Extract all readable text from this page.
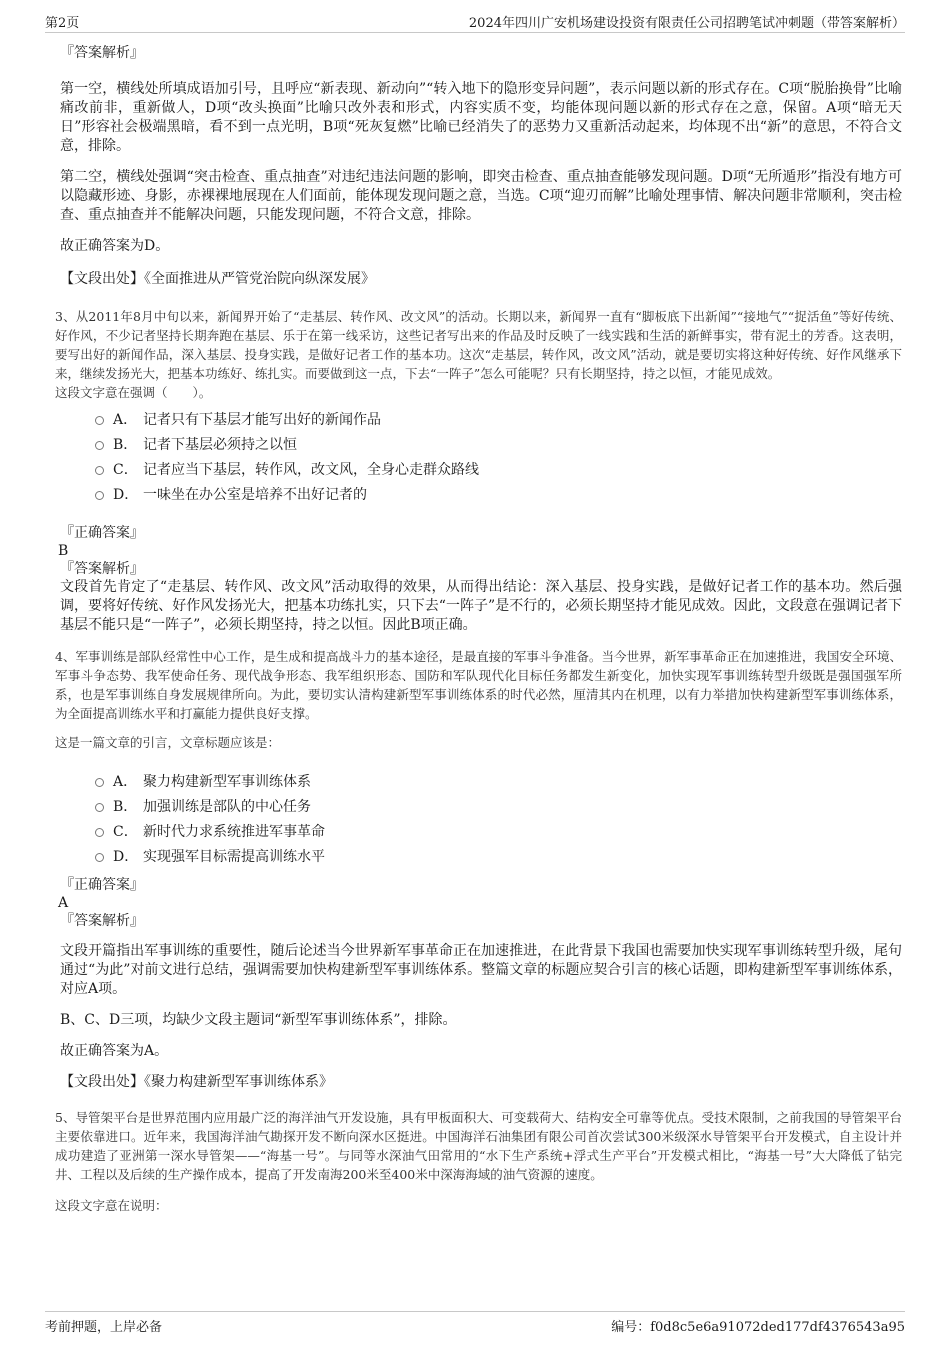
第2页	2024年四川广安机场建设投资有限责任公司招聘笔试冲刺题（带答案解析）
『答案解析』

第一空，横线处所填成语加引号，且呼应“新表现、新动向”“转入地下的隐形变异问题”，表示问题以新的形式存在。C项“脱胎换骨”比喻痛改前非，重新做人，D项“改头换面”比喻只改外表和形式，内容实质不变，均能体现问题以新的形式存在之意，保留。A项“暗无天日”形容社会极端黑暗，看不到一点光明，B项“死灰复燃”比喻已经消失了的恶势力又重新活动起来，均体现不出“新”的意思，不符合文意，排除。

第二空，横线处强调“突击检查、重点抽查”对违纪违法问题的影响，即突击检查、重点抽查能够发现问题。D项“无所遁形”指没有地方可以隐藏形迹、身影，赤裸裸地展现在人们面前，能体现发现问题之意，当选。C项“迎刃而解”比喻处理事情、解决问题非常顺利，突击检查、重点抽查并不能解决问题，只能发现问题，不符合文意，排除。

故正确答案为D。

【文段出处】《全面推进从严管党治院向纵深发展》

3、从2011年8月中旬以来，新闻界开始了“走基层、转作风、改文风”的活动。长期以来，新闻界一直有“脚板底下出新闻”“接地气”“捉活鱼”等好传统、好作风，不少记者坚持长期奔跑在基层、乐于在第一线采访，这些记者写出来的作品及时反映了一线实践和生活的新鲜事实，带有泥土的芳香。这表明，要写出好的新闻作品，深入基层、投身实践，是做好记者工作的基本功。这次“走基层，转作风，改文风”活动，就是要切实将这种好传统、好作风继承下来，继续发扬光大，把基本功练好、练扎实。而要做到这一点，下去“一阵子”怎么可能呢？只有长期坚持，持之以恒，才能见成效。

这段文字意在强调（　　）。

A． 记者只有下基层才能写出好的新闻作品
B． 记者下基层必须持之以恒
C． 记者应当下基层，转作风，改文风，全身心走群众路线
D． 一味坐在办公室是培养不出好记者的
『正确答案』
B
『答案解析』

文段首先肯定了“走基层、转作风、改文风”活动取得的效果，从而得出结论：深入基层、投身实践，是做好记者工作的基本功。然后强调，要将好传统、好作风发扬光大，把基本功练扎实，只下去“一阵子”是不行的，必须长期坚持才能见成效。因此，文段意在强调记者下基层不能只是“一阵子”，必须长期坚持，持之以恒。因此B项正确。

4、军事训练是部队经常性中心工作，是生成和提高战斗力的基本途径，是最直接的军事斗争准备。当今世界，新军事革命正在加速推进，我国安全环境、军事斗争态势、我军使命任务、现代战争形态、我军组织形态、国防和军队现代化目标任务都发生新变化，加快实现军事训练转型升级既是强国强军所系，也是军事训练自身发展规律所向。为此，要切实认清构建新型军事训练体系的时代必然，厘清其内在机理，以有力举措加快构建新型军事训练体系，为全面提高训练水平和打赢能力提供良好支撑。

这是一篇文章的引言，文章标题应该是：

A． 聚力构建新型军事训练体系
B． 加强训练是部队的中心任务
C． 新时代力求系统推进军事革命
D． 实现强军目标需提高训练水平
『正确答案』
A
『答案解析』

文段开篇指出军事训练的重要性，随后论述当今世界新军事革命正在加速推进，在此背景下我国也需要加快实现军事训练转型升级，尾句通过“为此”对前文进行总结，强调需要加快构建新型军事训练体系。整篇文章的标题应契合引言的核心话题，即构建新型军事训练体系，对应A项。

B、C、D三项，均缺少文段主题词“新型军事训练体系”，排除。

故正确答案为A。

【文段出处】《聚力构建新型军事训练体系》

5、导管架平台是世界范围内应用最广泛的海洋油气开发设施，具有甲板面积大、可变载荷大、结构安全可靠等优点。受技术限制，之前我国的导管架平台主要依靠进口。近年来，我国海洋油气勘探开发不断向深水区挺进。中国海洋石油集团有限公司首次尝试300米级深水导管架平台开发模式，自主设计并成功建造了亚洲第一深水导管架——“海基一号”。与同等水深油气田常用的“水下生产系统+浮式生产平台”开发模式相比，“海基一号”大大降低了钻完井、工程以及后续的生产操作成本，提高了开发南海200米至400米中深海海域的油气资源的速度。

这段文字意在说明：

考前押题，上岸必备	编号：f0d8c5e6a91072ded177df4376543a95
